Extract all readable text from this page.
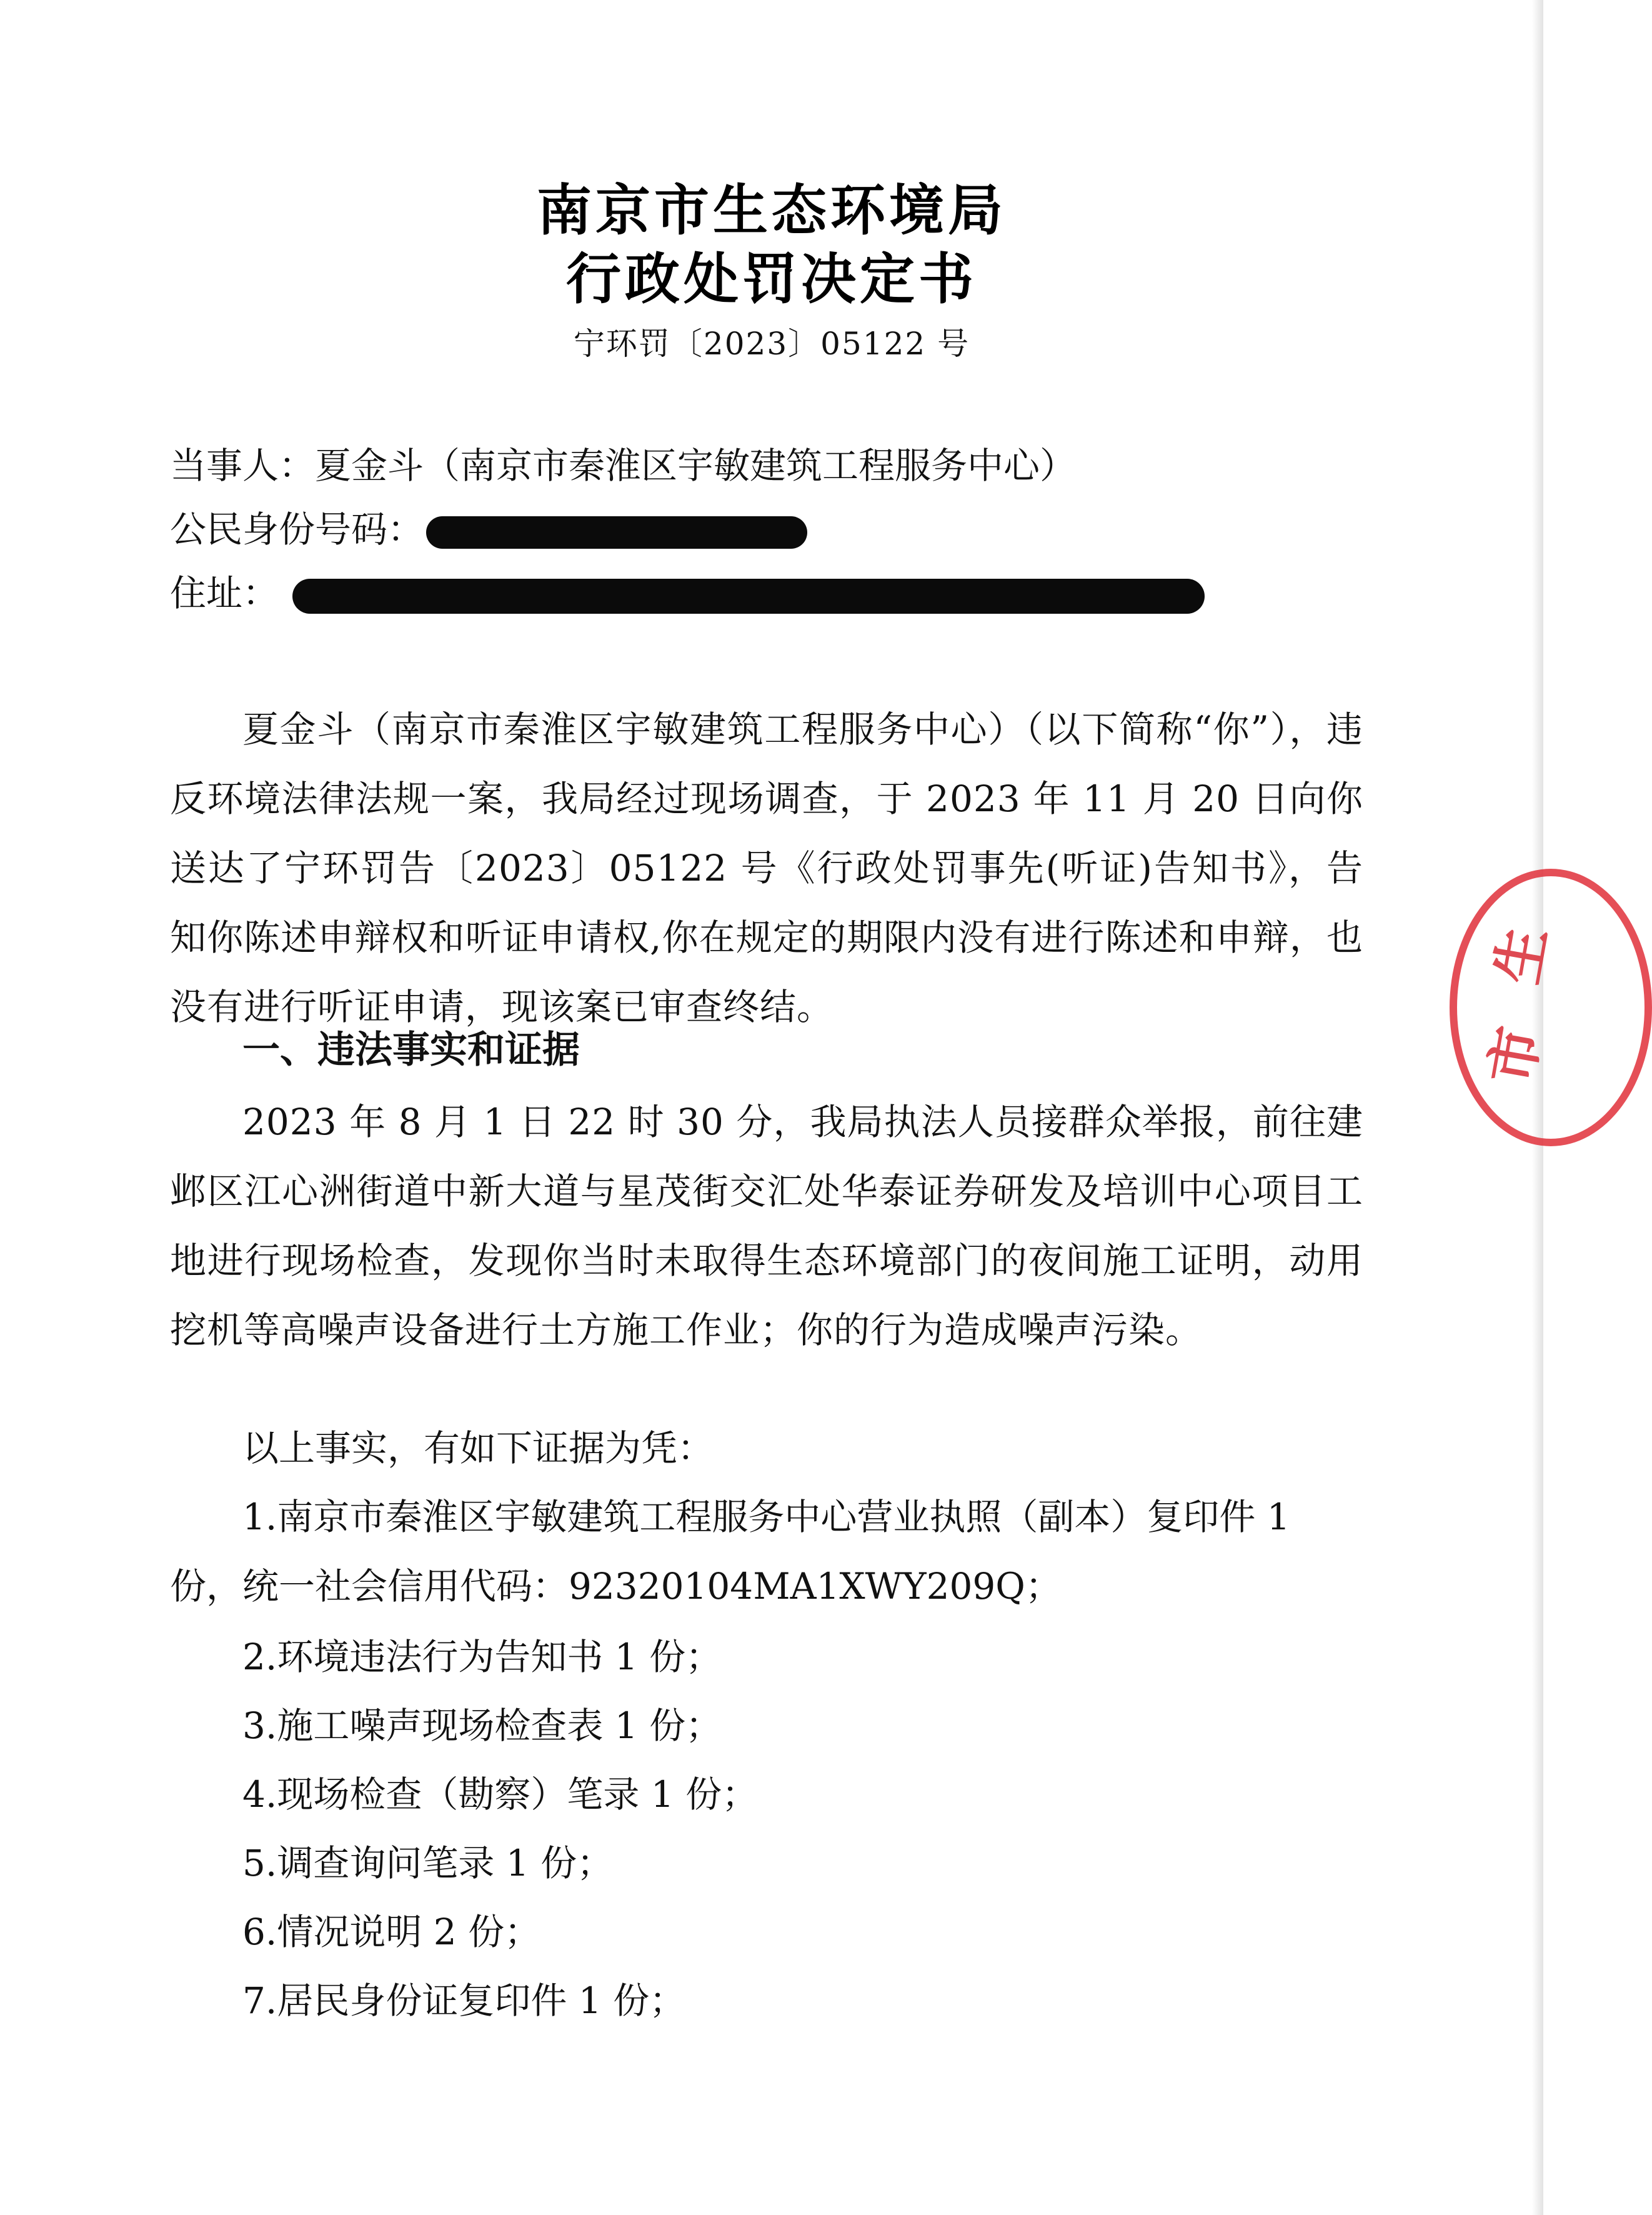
南京市生态环境局
行政处罚决定书
宁环罚〔2023〕05122 号
当事人：夏金斗（南京市秦淮区宇敏建筑工程服务中心）
公民身份号码：
住址：
夏金斗（南京市秦淮区宇敏建筑工程服务中心）（以下简称“你”），违反环境法律法规一案，我局经过现场调查，于 2023 年 11 月 20 日向你送达了宁环罚告〔2023〕05122 号《行政处罚事先(听证)告知书》，告知你陈述申辩权和听证申请权,你在规定的期限内没有进行陈述和申辩，也没有进行听证申请，现该案已审查终结。
一、违法事实和证据
2023 年 8 月 1 日 22 时 30 分，我局执法人员接群众举报，前往建邺区江心洲街道中新大道与星茂街交汇处华泰证券研发及培训中心项目工地进行现场检查，发现你当时未取得生态环境部门的夜间施工证明，动用挖机等高噪声设备进行土方施工作业；你的行为造成噪声污染。
以上事实，有如下证据为凭：
1.南京市秦淮区宇敏建筑工程服务中心营业执照（副本）复印件 1 份，统一社会信用代码：92320104MA1XWY209Q；
2.环境违法行为告知书 1 份；
3.施工噪声现场检查表 1 份；
4.现场检查（勘察）笔录 1 份；
5.调查询问笔录 1 份；
6.情况说明 2 份；
7.居民身份证复印件 1 份；
生
市
